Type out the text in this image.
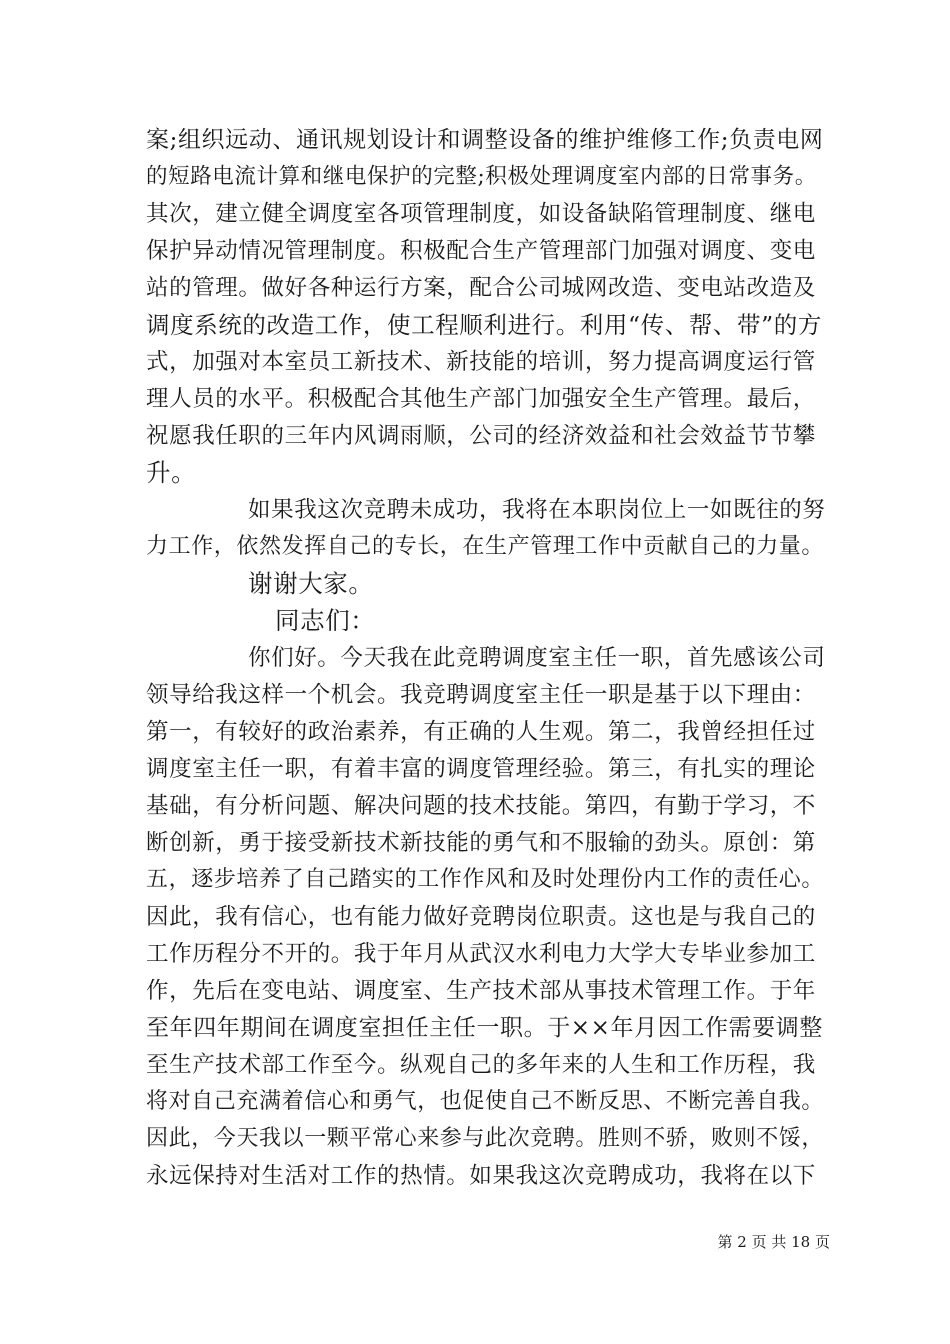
案;组织远动、通讯规划设计和调整设备的维护维修工作;负责电网
的短路电流计算和继电保护的完整;积极处理调度室内部的日常事务。
其次，建立健全调度室各项管理制度，如设备缺陷管理制度、继电
保护异动情况管理制度。积极配合生产管理部门加强对调度、变电
站的管理。做好各种运行方案，配合公司城网改造、变电站改造及
调度系统的改造工作，使工程顺利进行。利用“传、帮、带”的方
式，加强对本室员工新技术、新技能的培训，努力提高调度运行管
理人员的水平。积极配合其他生产部门加强安全生产管理。最后，
祝愿我任职的三年内风调雨顺，公司的经济效益和社会效益节节攀
升。
如果我这次竞聘未成功，我将在本职岗位上一如既往的努
力工作，依然发挥自己的专长，在生产管理工作中贡献自己的力量。
谢谢大家。
同志们：
你们好。今天我在此竞聘调度室主任一职，首先感该公司
领导给我这样一个机会。我竞聘调度室主任一职是基于以下理由：
第一，有较好的政治素养，有正确的人生观。第二，我曾经担任过
调度室主任一职，有着丰富的调度管理经验。第三，有扎实的理论
基础，有分析问题、解决问题的技术技能。第四，有勤于学习，不
断创新，勇于接受新技术新技能的勇气和不服输的劲头。原创：第
五，逐步培养了自己踏实的工作作风和及时处理份内工作的责任心。
因此，我有信心，也有能力做好竞聘岗位职责。这也是与我自己的
工作历程分不开的。我于年月从武汉水利电力大学大专毕业参加工
作，先后在变电站、调度室、生产技术部从事技术管理工作。于年
至年四年期间在调度室担任主任一职。于××年月因工作需要调整
至生产技术部工作至今。纵观自己的多年来的人生和工作历程，我
将对自己充满着信心和勇气，也促使自己不断反思、不断完善自我。
因此，今天我以一颗平常心来参与此次竞聘。胜则不骄，败则不馁，
永远保持对生活对工作的热情。如果我这次竞聘成功，我将在以下
第 2 页 共 18 页
